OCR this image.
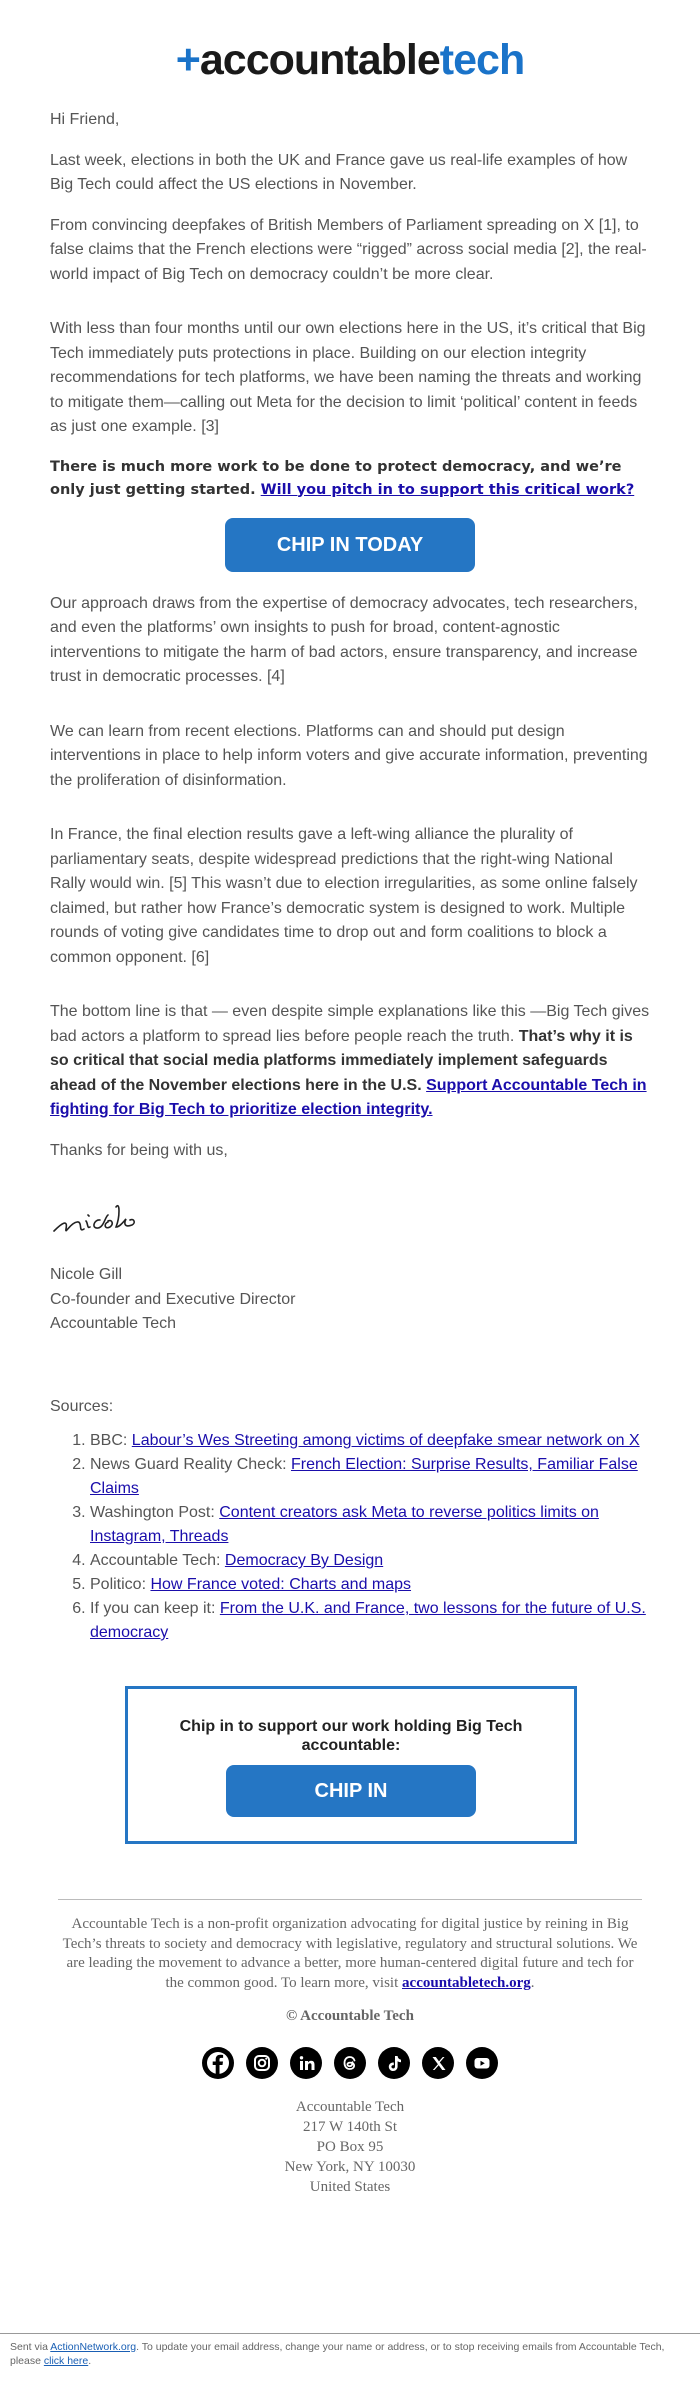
+accountabletech

Hi Friend,

Last week, elections in both the UK and France gave us real-life examples of how Big Tech could affect the US elections in November.

From convincing deepfakes of British Members of Parliament spreading on X [1], to false claims that the French elections were “rigged” across social media [2], the real-world impact of Big Tech on democracy couldn’t be more clear.

With less than four months until our own elections here in the US, it’s critical that Big Tech immediately puts protections in place. Building on our election integrity recommendations for tech platforms, we have been naming the threats and working to mitigate them—calling out Meta for the decision to limit ‘political’ content in feeds as just one example. [3]

There is much more work to be done to protect democracy, and we’re only just getting started. Will you pitch in to support this critical work?

CHIP IN TODAY

Our approach draws from the expertise of democracy advocates, tech researchers, and even the platforms’ own insights to push for broad, content-agnostic interventions to mitigate the harm of bad actors, ensure transparency, and increase trust in democratic processes. [4]

We can learn from recent elections. Platforms can and should put design interventions in place to help inform voters and give accurate information, preventing the proliferation of disinformation.

In France, the final election results gave a left-wing alliance the plurality of parliamentary seats, despite widespread predictions that the right-wing National Rally would win. [5] This wasn’t due to election irregularities, as some online falsely claimed, but rather how France’s democratic system is designed to work. Multiple rounds of voting give candidates time to drop out and form coalitions to block a common opponent. [6]

The bottom line is that — even despite simple explanations like this —Big Tech gives bad actors a platform to spread lies before people reach the truth. That’s why it is so critical that social media platforms immediately implement safeguards ahead of the November elections here in the U.S. Support Accountable Tech in fighting for Big Tech to prioritize election integrity.

Thanks for being with us,

Nicole Gill
Co-founder and Executive Director
Accountable Tech
Sources:
1. BBC: Labour’s Wes Streeting among victims of deepfake smear network on X
2. News Guard Reality Check: French Election: Surprise Results, Familiar False Claims
3. Washington Post: Content creators ask Meta to reverse politics limits on Instagram, Threads
4. Accountable Tech: Democracy By Design
5. Politico: How France voted: Charts and maps
6. If you can keep it: From the U.K. and France, two lessons for the future of U.S. democracy
Chip in to support our work holding Big Tech accountable:
CHIP IN
Accountable Tech is a non-profit organization advocating for digital justice by reining in Big Tech’s threats to society and democracy with legislative, regulatory and structural solutions. We are leading the movement to advance a better, more human-centered digital future and tech for the common good. To learn more, visit accountabletech.org.
© Accountable Tech
Accountable Tech
217 W 140th St
PO Box 95
New York, NY 10030
United States
Sent via ActionNetwork.org. To update your email address, change your name or address, or to stop receiving emails from Accountable Tech, please click here.
